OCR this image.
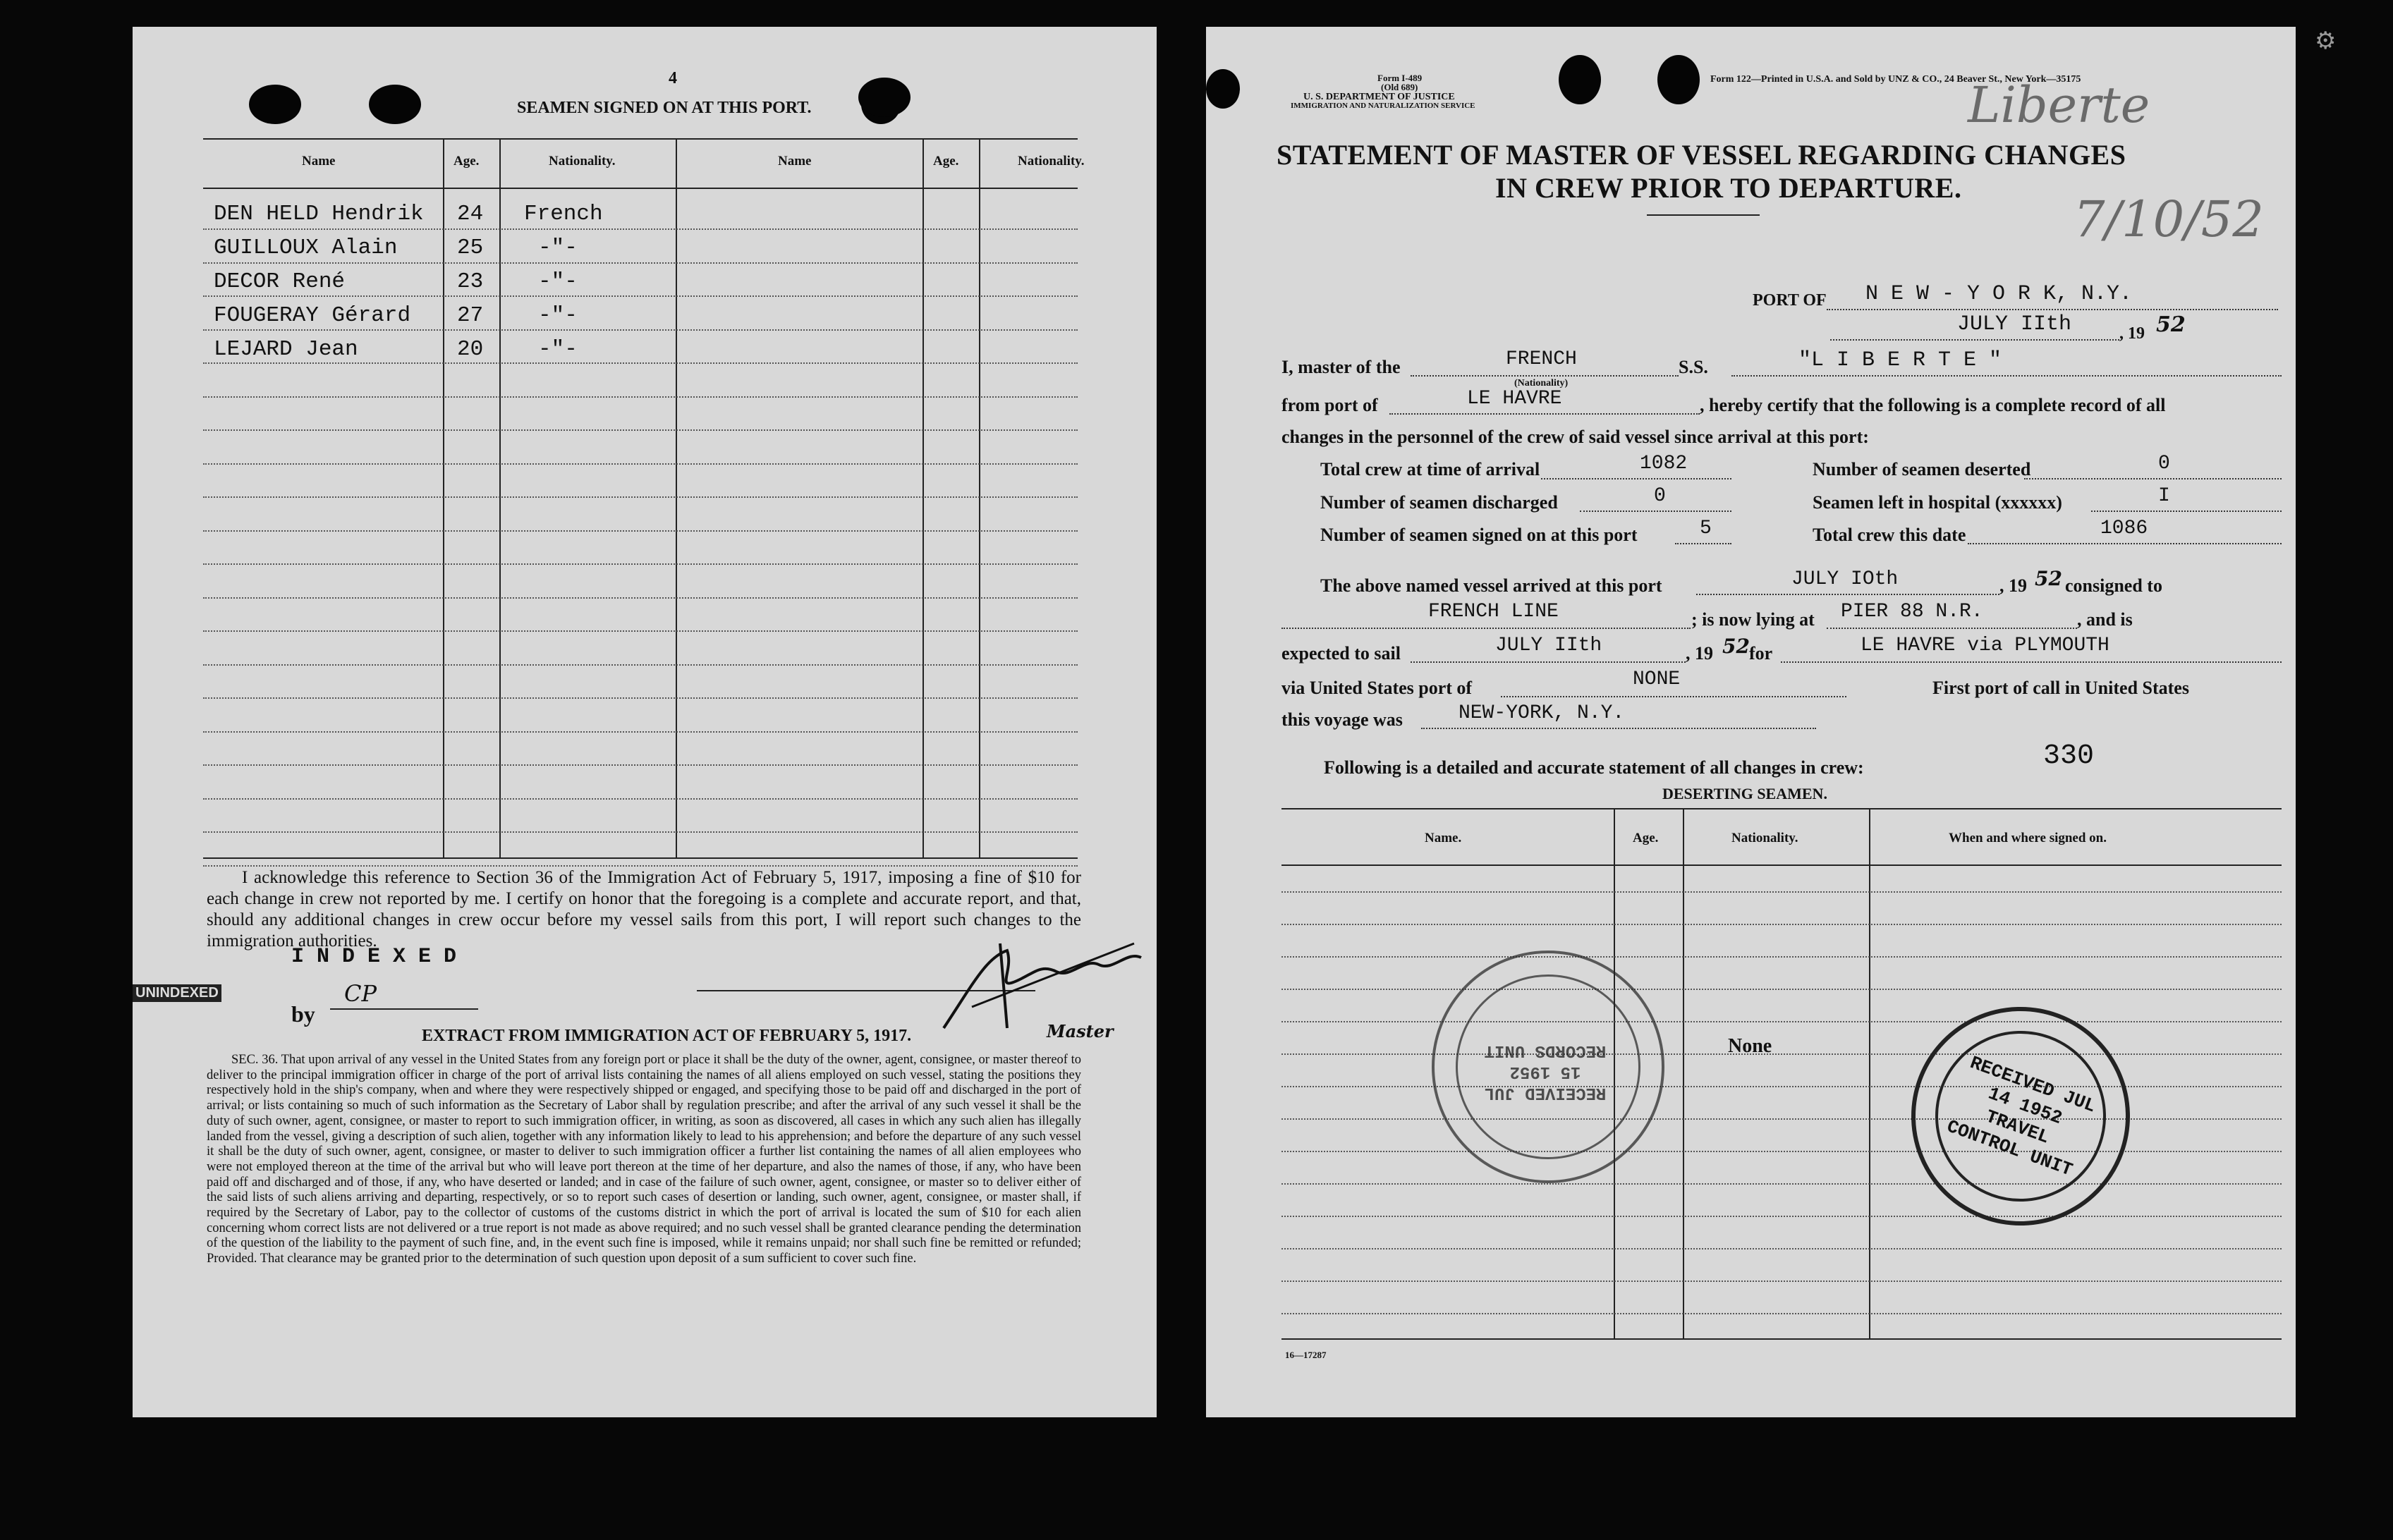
4
SEAMEN SIGNED ON AT THIS PORT.
Name	Age.	Nationality.	Name	Age.	Nationality.
DEN HELD Hendrik 24 French
GUILLOUX Alain	25	-"-
DECOR René	23	-"-
FOUGERAY Gérard 27	-"-
LEJARD Jean	20	-"-
I acknowledge this reference to Section 36 of the Immigration Act of February 5, 1917, imposing a fine of $10 for each change in crew not reported by me. I certify on honor that the foregoing is a complete and accurate report, and that, should any additional changes in crew occur before my vessel sails from this port, I will report such changes to the immigration authorities.
I N D E X E D
UNINDEXED
by
CP
Master
EXTRACT FROM IMMIGRATION ACT OF FEBRUARY 5, 1917.
SEC. 36. That upon arrival of any vessel in the United States from any foreign port or place it shall be the duty of the owner, agent, consignee, or master thereof to deliver to the principal immigration officer in charge of the port of arrival lists containing the names of all aliens employed on such vessel, stating the positions they respectively hold in the ship's company, when and where they were respectively shipped or engaged, and specifying those to be paid off and discharged in the port of arrival; or lists containing so much of such information as the Secretary of Labor shall by regulation prescribe; and after the arrival of any such vessel it shall be the duty of such owner, agent, consignee, or master to report to such immigration officer, in writing, as soon as discovered, all cases in which any such alien has illegally landed from the vessel, giving a description of such alien, together with any information likely to lead to his apprehension; and before the departure of any such vessel it shall be the duty of such owner, agent, consignee, or master to deliver to such immigration officer a further list containing the names of all alien employees who were not employed thereon at the time of the arrival but who will leave port thereon at the time of her departure, and also the names of those, if any, who have been paid off and discharged and of those, if any, who have deserted or landed; and in case of the failure of such owner, agent, consignee, or master so to deliver either of the said lists of such aliens arriving and departing, respectively, or so to report such cases of desertion or landing, such owner, agent, consignee, or master shall, if required by the Secretary of Labor, pay to the collector of customs of the customs district in which the port of arrival is located the sum of $10 for each alien concerning whom correct lists are not delivered or a true report is not made as above required; and no such vessel shall be granted clearance pending the determination of the question of the liability to the payment of such fine, and, in the event such fine is imposed, while it remains unpaid; nor shall such fine be remitted or refunded; Provided. That clearance may be granted prior to the determination of such question upon deposit of a sum sufficient to cover such fine.
Form I-489
(Old 689)
U. S. DEPARTMENT OF JUSTICE
IMMIGRATION AND NATURALIZATION SERVICE
Form 122—Printed in U.S.A. and Sold by UNZ & CO., 24 Beaver St., New York—35175
Liberte
7/10/52
STATEMENT OF MASTER OF VESSEL REGARDING CHANGES
IN CREW PRIOR TO DEPARTURE.
PORT OF N E W - Y O R K, N.Y.
JULY IIth	, 19 52
I, master of the	FRENCH
(Nationality)
S.S.	"L I B E R T E "
from port of	LE HAVRE	, hereby certify that the following is a complete record of all
changes in the personnel of the crew of said vessel since arrival at this port:
Total crew at time of arrival	1082	Number of seamen deserted	0
Number of seamen discharged	0	Seamen left in hospital (xxxxxx)	I
Number of seamen signed on at this port	5	Total crew this date	1086
The above named vessel arrived at this port	JULY IOth	, 19 52 consigned to
FRENCH LINE	; is now lying at PIER 88 N.R.	, and is
expected to sail	JULY IIth	, 19 52 for	LE HAVRE via PLYMOUTH
via United States port of	NONE	First port of call in United States
this voyage was	NEW-YORK, N.Y.
Following is a detailed and accurate statement of all changes in crew:	330
DESERTING SEAMEN.
Name.	Age.	Nationality.	When and where signed on.
None
RECEIVED JUL 15 1952 RECORDS UNIT
RECEIVED JUL 14 1952 TRAVEL CONTROL UNIT
16—17287
⚙
